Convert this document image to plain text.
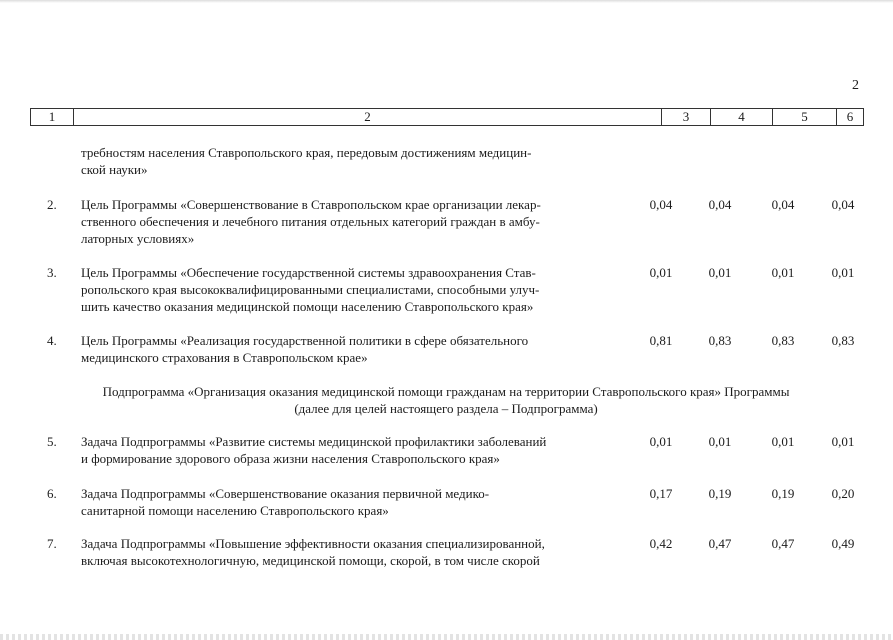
2
1	2	3	4	5	6
требностям населения Ставропольского края, передовым достижениям медицин-
ской науки»
2. Цель Программы «Совершенствование в Ставропольском крае организации лекар-
ственного обеспечения и лечебного питания отдельных категорий граждан в амбу-
латорных условиях»
0,04	0,04	0,04	0,04
3. Цель Программы «Обеспечение государственной системы здравоохранения Став-
ропольского края высококвалифицированными специалистами, способными улуч-
шить качество оказания медицинской помощи населению Ставропольского края»
0,01	0,01	0,01	0,01
4. Цель Программы «Реализация государственной политики в сфере обязательного
медицинского страхования в Ставропольском крае»
0,81	0,83	0,83	0,83
Подпрограмма «Организация оказания медицинской помощи гражданам на территории Ставропольского края» Программы
(далее для целей настоящего раздела – Подпрограмма)
5. Задача Подпрограммы «Развитие системы медицинской профилактики заболеваний
и формирование здорового образа жизни населения Ставропольского края»
0,01	0,01	0,01	0,01
6. Задача Подпрограммы «Совершенствование оказания первичной медико-
санитарной помощи населению Ставропольского края»
0,17	0,19	0,19	0,20
7. Задача Подпрограммы «Повышение эффективности оказания специализированной,
включая высокотехнологичную, медицинской помощи, скорой, в том числе скорой
0,42	0,47	0,47	0,49
